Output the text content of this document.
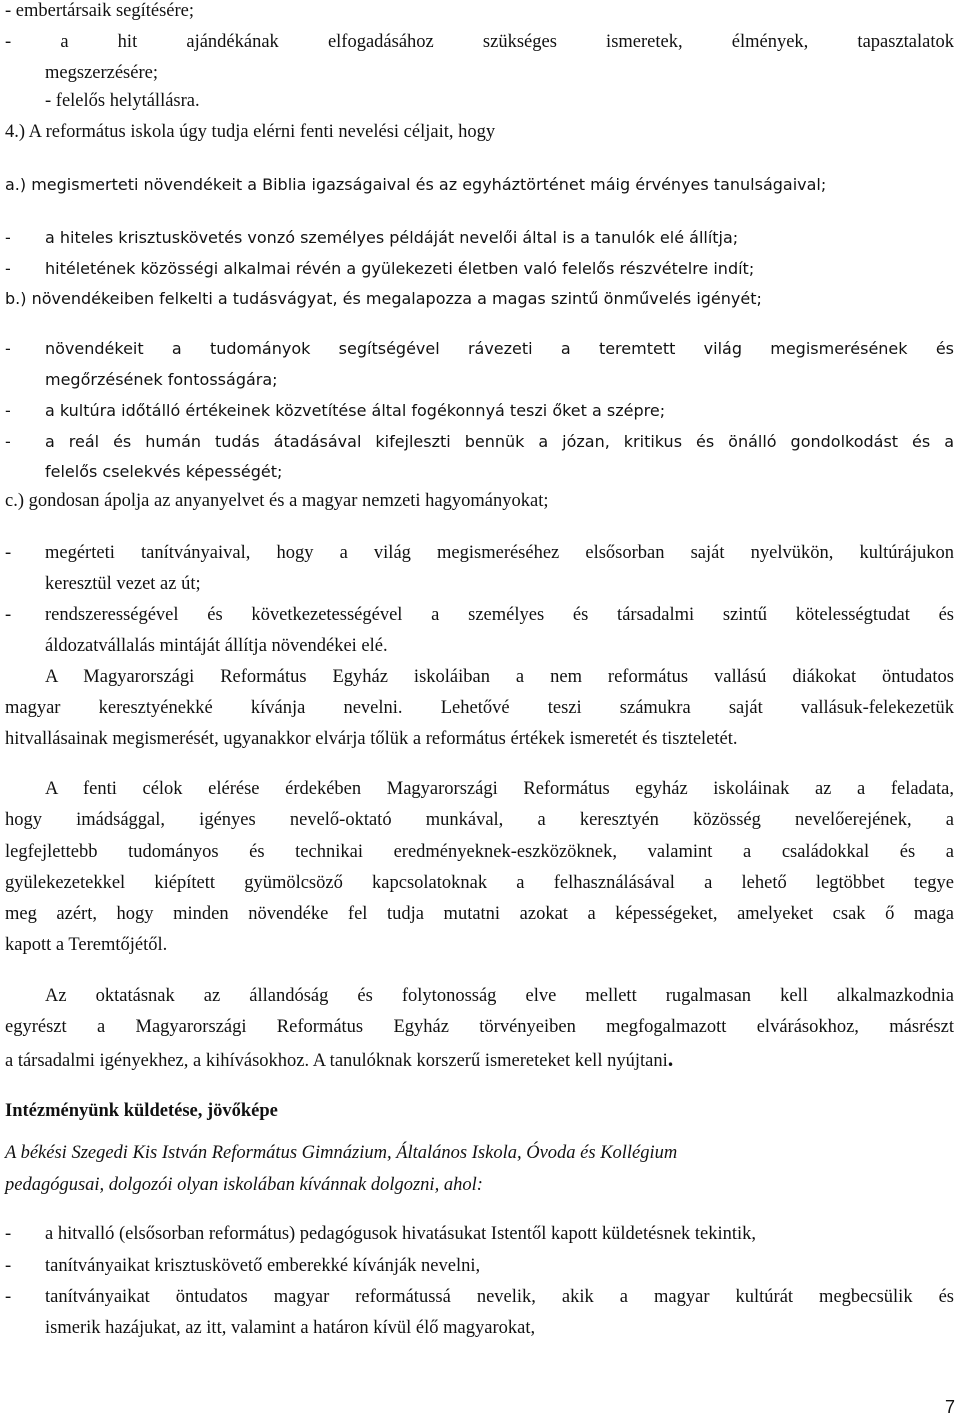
- embertársaik segítésére;
- a hit ajándékának elfogadásához szükséges ismeretek, élmények, tapasztalatok
megszerzésére;
- felelős helytállásra.
4.) A református iskola úgy tudja elérni fenti nevelési céljait, hogy
a.) megismerteti növendékeit a Biblia igazságaival és az egyháztörténet máig érvényes tanulságaival;
- a hiteles krisztuskövetés vonzó személyes példáját nevelői által is a tanulók elé állítja;
- hitéletének közösségi alkalmai révén a gyülekezeti életben való felelős részvételre indít;
b.) növendékeiben felkelti a tudásvágyat, és megalapozza a magas szintű önművelés igényét;
- növendékeit a tudományok segítségével rávezeti a teremtett világ megismerésének és
megőrzésének fontosságára;
- a kultúra időtálló értékeinek közvetítése által fogékonnyá teszi őket a szépre;
- a reál és humán tudás átadásával kifejleszti bennük a józan, kritikus és önálló gondolkodást és a
felelős cselekvés képességét;
c.) gondosan ápolja az anyanyelvet és a magyar nemzeti hagyományokat;
- megérteti tanítványaival, hogy a világ megismeréséhez elsősorban saját nyelvükön, kultúrájukon
keresztül vezet az út;
- rendszerességével és következetességével a személyes és társadalmi szintű kötelességtudat és
áldozatvállalás mintáját állítja növendékei elé.
A Magyarországi Református Egyház iskoláiban a nem református vallású diákokat öntudatos
magyar keresztyénekké kívánja nevelni. Lehetővé teszi számukra saját vallásuk-felekezetük
hitvallásainak megismerését, ugyanakkor elvárja tőlük a református értékek ismeretét és tiszteletét.
A fenti célok elérése érdekében Magyarországi Református egyház iskoláinak az a feladata,
hogy imádsággal, igényes nevelő-oktató munkával, a keresztyén közösség nevelőerejének, a
legfejlettebb tudományos és technikai eredményeknek-eszközöknek, valamint a családokkal és a
gyülekezetekkel kiépített gyümölcsöző kapcsolatoknak a felhasználásával a lehető legtöbbet tegye
meg azért, hogy minden növendéke fel tudja mutatni azokat a képességeket, amelyeket csak ő maga
kapott a Teremtőjétől.
Az oktatásnak az állandóság és folytonosság elve mellett rugalmasan kell alkalmazkodnia
egyrészt a Magyarországi Református Egyház törvényeiben megfogalmazott elvárásokhoz, másrészt
a társadalmi igényekhez, a kihívásokhoz. A tanulóknak korszerű ismereteket kell nyújtani.
Intézményünk küldetése, jövőképe
A békési Szegedi Kis István Református Gimnázium, Általános Iskola, Óvoda és Kollégium
pedagógusai, dolgozói olyan iskolában kívánnak dolgozni, ahol:
- a hitvalló (elsősorban református) pedagógusok hivatásukat Istentől kapott küldetésnek tekintik,
- tanítványaikat krisztuskövető emberekké kívánják nevelni,
- tanítványaikat öntudatos magyar reformátussá nevelik, akik a magyar kultúrát megbecsülik és
ismerik hazájukat, az itt, valamint a határon kívül élő magyarokat,
7
